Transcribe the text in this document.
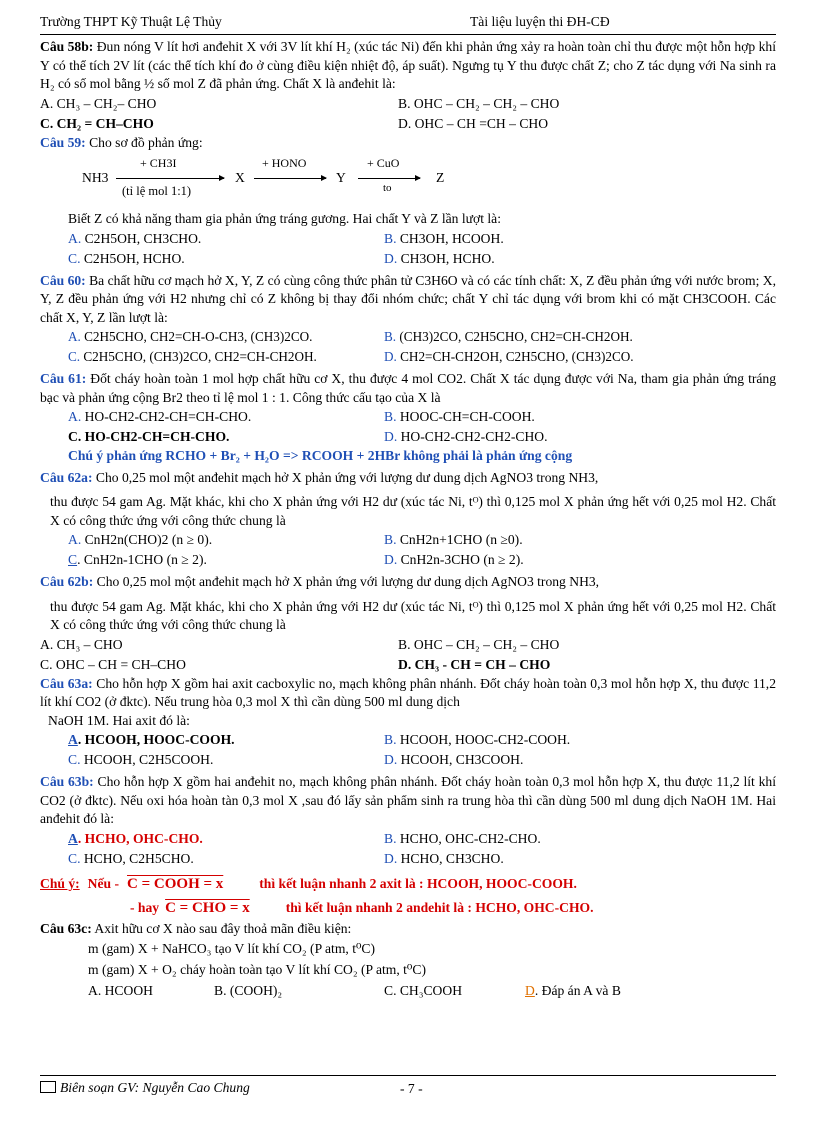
Trường THPT Kỹ Thuật Lệ Thủy	Tài liệu luyện thi ĐH-CĐ

Câu 58b: Đun nóng V lít hơi anđehit X với 3V lít khí H₂ (xúc tác Ni) đến khi phản ứng xảy ra hoàn toàn chỉ thu được một hỗn hợp khí Y có thể tích 2V lít (các thể tích khí đo ở cùng điều kiện nhiệt độ, áp suất). Ngưng tụ Y thu được chất Z; cho Z tác dụng với Na sinh ra H₂ có số mol bằng ½ số mol Z đã phản ứng. Chất X là anđehit là:

A. CH₃ – CH₂– CHO	B. OHC – CH₂ – CH₂ – CHO
C. CH₂ = CH–CHO	D. OHC – CH =CH – CHO

Câu 59: Cho sơ đồ phản ứng:

NH3
+ CH3I
(tỉ lệ mol 1:1)
X
+ HONO
Y
+ CuO
to
Z

Biết Z có khả năng tham gia phản ứng tráng gương. Hai chất Y và Z lần lượt là:

A. C2H5OH, CH3CHO.	B. CH3OH, HCOOH.
C. C2H5OH, HCHO.	D. CH3OH, HCHO.

Câu 60: Ba chất hữu cơ mạch hở X, Y, Z có cùng công thức phân tử C3H6O và có các tính chất: X, Z đều phản ứng với nước brom; X, Y, Z đều phản ứng với H2 nhưng chỉ có Z không bị thay đổi nhóm chức; chất Y chỉ tác dụng với brom khi có mặt CH3COOH. Các chất X, Y, Z lần lượt là:

A. C2H5CHO, CH2=CH-O-CH3, (CH3)2CO.	B. (CH3)2CO, C2H5CHO, CH2=CH-CH2OH.
C. C2H5CHO, (CH3)2CO, CH2=CH-CH2OH.	D. CH2=CH-CH2OH, C2H5CHO, (CH3)2CO.

Câu 61: Đốt cháy hoàn toàn 1 mol hợp chất hữu cơ X, thu được 4 mol CO2. Chất X tác dụng được với Na, tham gia phản ứng tráng bạc và phản ứng cộng Br2 theo tỉ lệ mol 1 : 1. Công thức cấu tạo của X là

A. HO-CH2-CH2-CH=CH-CHO.	B. HOOC-CH=CH-COOH.
C. HO-CH2-CH=CH-CHO.	D. HO-CH2-CH2-CH2-CHO.

Chú ý phản ứng RCHO + Br₂ + H₂O => RCOOH + 2HBr không phải là phản ứng cộng

Câu 62a: Cho 0,25 mol một anđehit mạch hở X phản ứng với lượng dư dung dịch AgNO3 trong NH3,

thu được 54 gam Ag. Mặt khác, khi cho X phản ứng với H2 dư (xúc tác Ni, tᴼ) thì 0,125 mol X phản ứng hết với 0,25 mol H2. Chất X có công thức ứng với công thức chung là

A. CnH2n(CHO)2 (n ≥ 0).	B. CnH2n+1CHO (n ≥0).
C. CnH2n-1CHO (n ≥ 2).	D. CnH2n-3CHO (n ≥ 2).

Câu 62b: Cho 0,25 mol một anđehit mạch hở X phản ứng với lượng dư dung dịch AgNO3 trong NH3,

thu được 54 gam Ag. Mặt khác, khi cho X phản ứng với H2 dư (xúc tác Ni, tᴼ) thì 0,125 mol X phản ứng hết với 0,25 mol H2. Chất X có công thức ứng với công thức chung là

A. CH₃ – CHO	B. OHC – CH₂ – CH₂ – CHO
C. OHC – CH = CH–CHO	D. CH₃ - CH = CH – CHO

Câu 63a: Cho hỗn hợp X gồm hai axit cacboxylic no, mạch không phân nhánh. Đốt cháy hoàn toàn 0,3 mol hỗn hợp X, thu được 11,2 lít khí CO2 (ở đktc). Nếu trung hòa 0,3 mol X thì cần dùng 500 ml dung dịch

NaOH 1M. Hai axit đó là:

A. HCOOH, HOOC-COOH.	B. HCOOH, HOOC-CH2-COOH.
C. HCOOH, C2H5COOH.	D. HCOOH, CH3COOH.

Câu 63b: Cho hỗn hợp X gồm hai anđehit no, mạch không phân nhánh. Đốt cháy hoàn toàn 0,3 mol hỗn hợp X, thu được 11,2 lít khí CO2 (ở đktc). Nếu oxi hóa hoàn tàn 0,3 mol X ,sau đó lấy sản phẩm sinh ra trung hòa thì cần dùng 500 ml dung dịch NaOH 1M. Hai anđehit đó là:

A. HCHO, OHC-CHO.	B. HCHO, OHC-CH2-CHO.
C. HCHO, C2H5CHO.	D. HCHO, CH3CHO.
Chú ý: Nếu - C = COOH = x	thì kết luận nhanh 2 axit là : HCOOH, HOOC-COOH.
- hay C = CHO = x	thì kết luận nhanh 2 andehit là : HCHO, OHC-CHO.

Câu 63c: Axit hữu cơ X nào sau đây thoả mãn điều kiện:

m (gam) X + NaHCO₃ tạo V lít khí CO₂ (P atm, t⁰C)

m (gam) X + O₂ cháy hoàn toàn tạo V lít khí CO₂ (P atm, t⁰C)

A. HCOOH	B. (COOH)₂	C. CH₃COOH	D. Đáp án A và B
Biên soạn GV: Nguyễn Cao Chung	- 7 -
